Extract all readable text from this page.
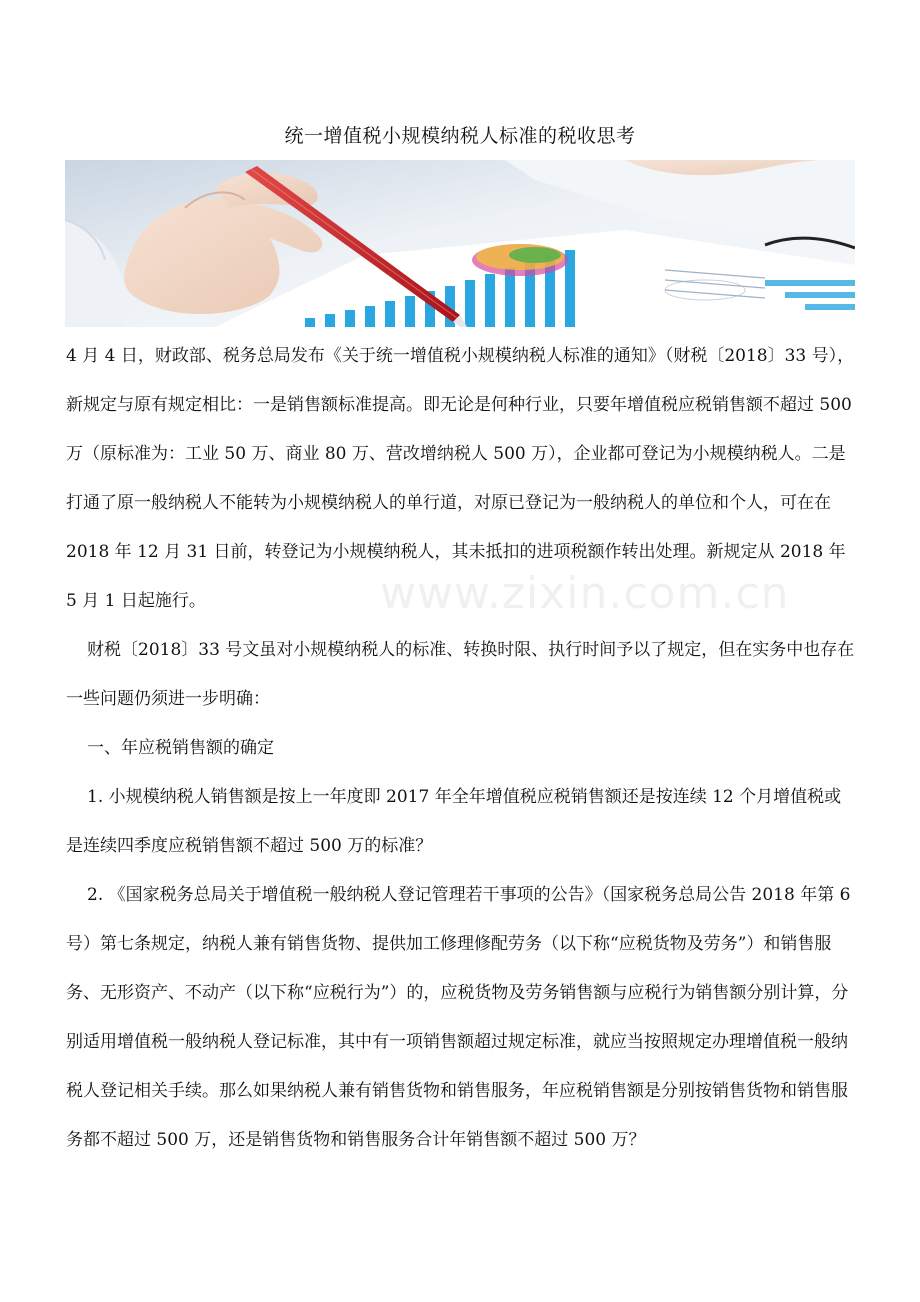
统一增值税小规模纳税人标准的税收思考
www.zixin.com.cn

4 月 4 日，财政部、税务总局发布《关于统一增值税小规模纳税人标准的通知》（财税〔2018〕33 号），新规定与原有规定相比：一是销售额标准提高。即无论是何种行业，只要年增值税应税销售额不超过 500 万（原标准为：工业 50 万、商业 80 万、营改增纳税人 500 万），企业都可登记为小规模纳税人。二是打通了原一般纳税人不能转为小规模纳税人的单行道，对原已登记为一般纳税人的单位和个人，可在在 2018 年 12 月 31 日前，转登记为小规模纳税人，其未抵扣的进项税额作转出处理。新规定从 2018 年 5 月 1 日起施行。

财税〔2018〕33 号文虽对小规模纳税人的标准、转换时限、执行时间予以了规定，但在实务中也存在一些问题仍须进一步明确：

一、年应税销售额的确定

1. 小规模纳税人销售额是按上一年度即 2017 年全年增值税应税销售额还是按连续 12 个月增值税或是连续四季度应税销售额不超过 500 万的标准？

2. 《国家税务总局关于增值税一般纳税人登记管理若干事项的公告》（国家税务总局公告 2018 年第 6 号）第七条规定，纳税人兼有销售货物、提供加工修理修配劳务（以下称“应税货物及劳务”）和销售服务、无形资产、不动产（以下称“应税行为”）的，应税货物及劳务销售额与应税行为销售额分别计算，分别适用增值税一般纳税人登记标准，其中有一项销售额超过规定标准，就应当按照规定办理增值税一般纳税人登记相关手续。那么如果纳税人兼有销售货物和销售服务，年应税销售额是分别按销售货物和销售服务都不超过 500 万，还是销售货物和销售服务合计年销售额不超过 500 万？
